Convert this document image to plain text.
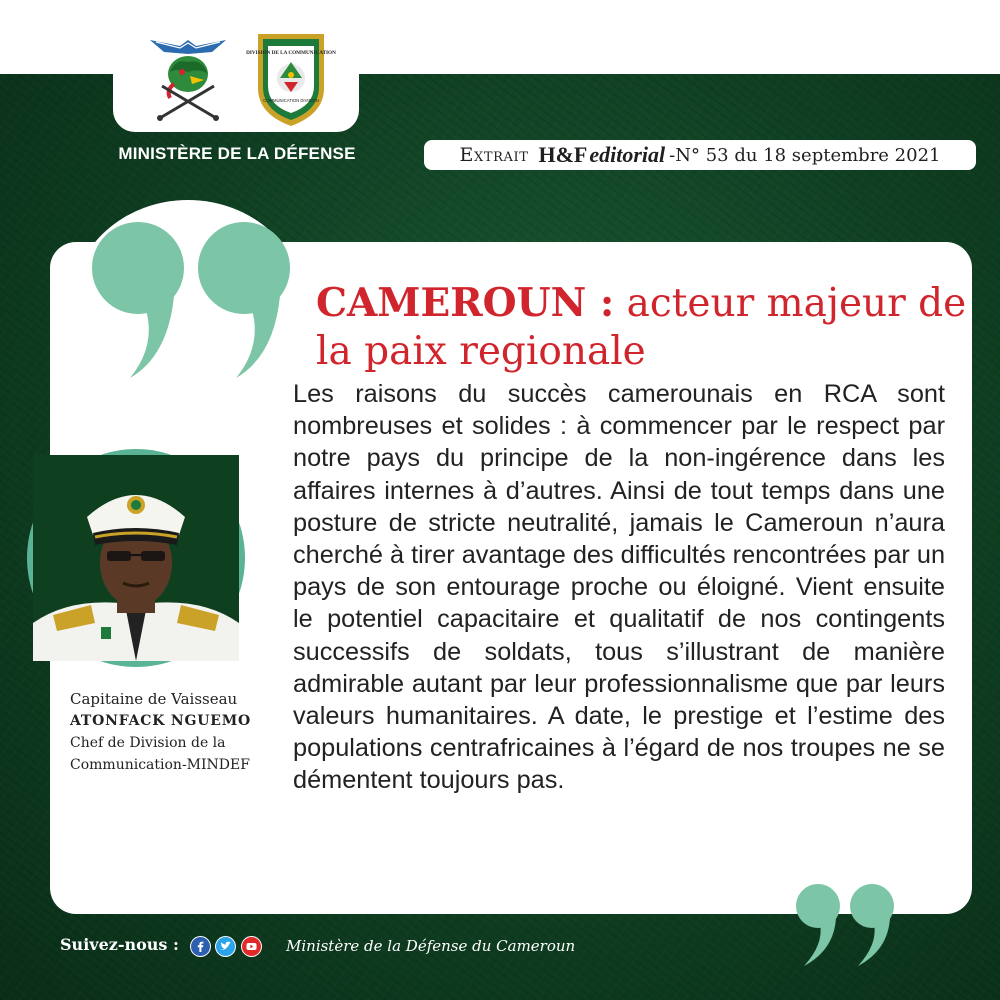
DIVISION DE LA COMMUNICATION
COMMUNICATION DIVISION
MINISTÈRE DE LA DÉFENSE	Extrait H&F editorial -N° 53 du 18 septembre 2021
CAMEROUN : acteur majeur de la paix regionale
Les raisons du succès camerounais en RCA sont nombreuses et solides : à commencer par le respect par notre pays du principe de la non-ingérence dans les affaires internes à d’autres. Ainsi de tout temps dans une posture de stricte neutralité, jamais le Cameroun n’aura cherché à tirer avantage des difficultés rencontrées par un pays de son entourage proche ou éloigné. Vient ensuite le potentiel capacitaire et qualitatif de nos contingents successifs de soldats, tous s’illustrant de manière admirable autant par leur professionnalisme que par leurs valeurs humanitaires. A date, le prestige et l’estime des populations centrafricaines à l’égard de nos troupes ne se démentent toujours pas.
Capitaine de Vaisseau
ATONFACK NGUEMO
Chef de Division de la
Communication-MINDEF
Suivez-nous :	Ministère de la Défense du Cameroun
